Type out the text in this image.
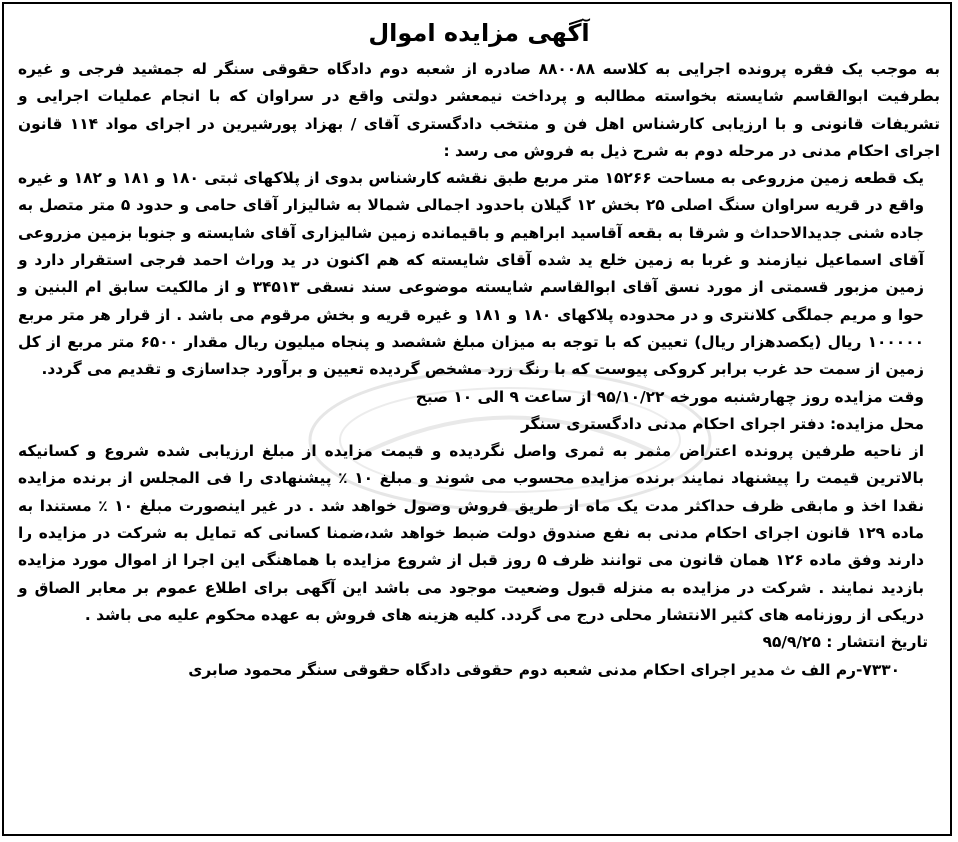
آگهی مزایده اموال

به موجب یک فقره پرونده اجرایی به کلاسه ۸۸۰۰۸۸ صادره از شعبه دوم دادگاه حقوقی سنگر له جمشید فرجی و غیره بطرفیت ابوالقاسم شایسته بخواسته مطالبه و پرداخت نیمعشر دولتی واقع در سراوان که با انجام عملیات اجرایی و تشریفات قانونی و با ارزیابی کارشناس اهل فن و منتخب دادگستری آقای / بهزاد پورشیرین در اجرای مواد ۱۱۴ قانون اجرای احکام مدنی در مرحله دوم به شرح ذیل به فروش می رسد :

یک قطعه زمین مزروعی به مساحت ۱۵۲۶۶ متر مربع طبق نقشه کارشناس بدوی از پلاکهای ثبتی ۱۸۰ و ۱۸۱ و ۱۸۲ و غیره واقع در قریه سراوان سنگ اصلی ۲۵ بخش ۱۲ گیلان باحدود اجمالی شمالا به شالیزار آقای حامی و حدود ۵ متر متصل به جاده شنی جدیدالاحداث و شرقا به بقعه آقاسید ابراهیم و باقیمانده زمین شالیزاری آقای شایسته و جنوبا بزمین مزروعی آقای اسماعیل نیازمند و غربا به زمین خلع ید شده آقای شایسته که هم اکنون در ید وراث احمد فرجی استقرار دارد و زمین مزبور قسمتی از مورد نسق آقای ابوالقاسم شایسته موضوعی سند نسقی ۳۴۵۱۳ و از مالکیت سابق ام البنین و حوا و مریم جملگی کلانتری و در محدوده پلاکهای ۱۸۰ و ۱۸۱ و غیره قریه و بخش مرقوم می باشد . از قرار هر متر مربع ۱۰۰۰۰۰ ریال (یکصدهزار ریال) تعیین که با توجه به میزان مبلغ ششصد و پنجاه میلیون ریال مقدار ۶۵۰۰ متر مربع از کل زمین از سمت حد غرب برابر کروکی پیوست که با رنگ زرد مشخص گردیده تعیین و برآورد جداسازی و تقدیم می گردد.

وقت مزایده روز چهارشنبه مورخه ۹۵/۱۰/۲۲ از ساعت ۹ الی ۱۰ صبح

محل مزایده: دفتر اجرای احکام مدنی دادگستری سنگر

از ناحیه طرفین پرونده اعتراض مثمر به ثمری واصل نگردیده و قیمت مزایده از مبلغ ارزیابی شده شروع و کسانیکه بالاترین قیمت را پیشنهاد نمایند برنده مزایده محسوب می شوند و مبلغ ۱۰ ٪ پیشنهادی را فی المجلس از برنده مزایده نقدا اخذ و مابقی ظرف حداکثر مدت یک ماه از طریق فروش وصول خواهد شد . در غیر اینصورت مبلغ ۱۰ ٪ مستندا به ماده ۱۲۹ قانون اجرای احکام مدنی به نفع صندوق دولت ضبط خواهد شد،ضمنا کسانی که تمایل به شرکت در مزایده را دارند وفق ماده ۱۲۶ همان قانون می توانند ظرف ۵ روز قبل از شروع مزایده با هماهنگی این اجرا از اموال مورد مزایده بازدید نمایند . شرکت در مزایده به منزله قبول وضعیت موجود می باشد این آگهی برای اطلاع عموم بر معابر الصاق و دریکی از روزنامه های کثیر الانتشار محلی درج می گردد. کلیه هزینه های فروش به عهده محکوم علیه می باشد .

تاریخ انتشار : ۹۵/۹/۲۵

۷۳۳۰-رم الف ث مدیر اجرای احکام مدنی شعبه دوم حقوقی دادگاه حقوقی سنگر محمود صابری
